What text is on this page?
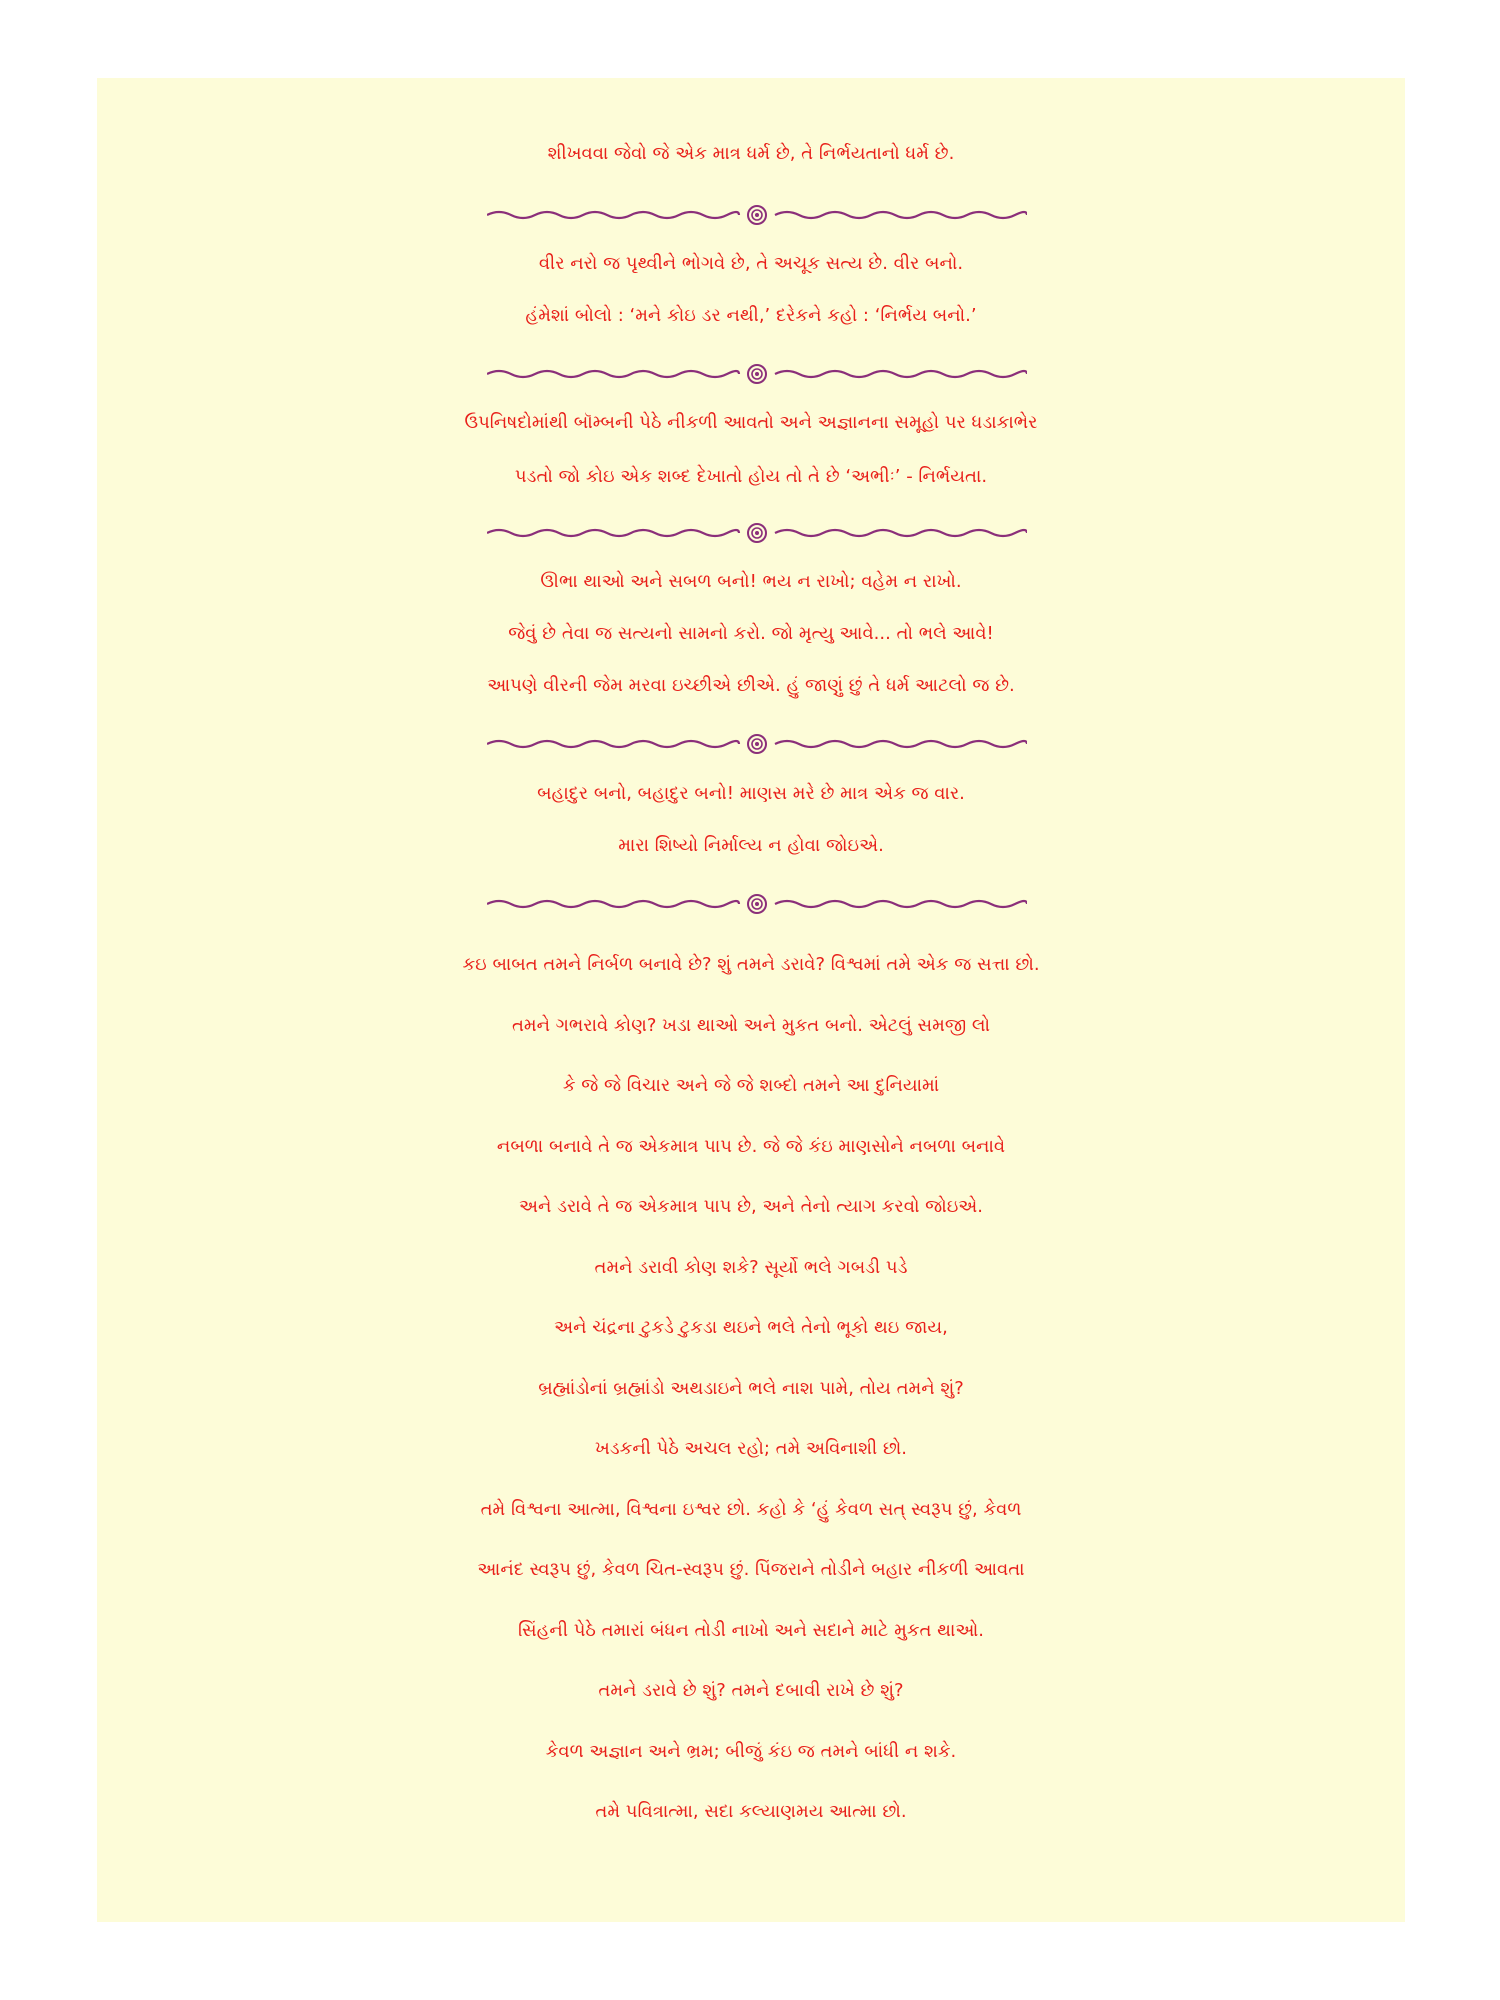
શીખવવા જેવો જે એક માત્ર ધર્મ છે, તે નિર્ભયતાનો ધર્મ છે.

વીર નરો જ પૃથ્વીને ભોગવે છે, તે અચૂક સત્ય છે. વીર બનો.

હંમેશાં બોલો : ‘મને કોઇ ડર નથી,’ દરેકને કહો : ‘નિર્ભય બનો.’

ઉપનિષદોમાંથી બૉમ્બની પેઠે નીકળી આવતો અને અજ્ઞાનના સમૂહો પર ધડાકાભેર

પડતો જો કોઇ એક શબ્દ દેખાતો હોય તો તે છે ‘અભીઃ’ - નિર્ભયતા.

ઊભા થાઓ અને સબળ બનો! ભય ન રાખો; વહેમ ન રાખો.

જેવું છે તેવા જ સત્યનો સામનો કરો. જો મૃત્યુ આવે... તો ભલે આવે!

આપણે વીરની જેમ મરવા ઇચ્છીએ છીએ. હું જાણું છું તે ધર્મ આટલો જ છે.

બહાદુર બનો, બહાદુર બનો! માણસ મરે છે માત્ર એક જ વાર.

મારા શિષ્યો નિર્માલ્ય ન હોવા જોઇએ.

કઇ બાબત તમને નિર્બળ બનાવે છે? શું તમને ડરાવે? વિશ્વમાં તમે એક જ સત્તા છો.

તમને ગભરાવે કોણ? ખડા થાઓ અને મુકત બનો. એટલું સમજી લો

કે જે જે વિચાર અને જે જે શબ્દો તમને આ દુનિયામાં

નબળા બનાવે તે જ એકમાત્ર પાપ છે. જે જે કંઇ માણસોને નબળા બનાવે

અને ડરાવે તે જ એકમાત્ર પાપ છે, અને તેનો ત્યાગ કરવો જોઇએ.

તમને ડરાવી કોણ શકે? સૂર્યો ભલે ગબડી પડે

અને ચંદ્રના ટુકડે ટુકડા થઇને ભલે તેનો ભૂકો થઇ જાય,

બ્રહ્માંડોનાં બ્રહ્માંડો અથડાઇને ભલે નાશ પામે, તોય તમને શું?

ખડકની પેઠે અચલ રહો; તમે અવિનાશી છો.

તમે વિશ્વના આત્મા, વિશ્વના ઇશ્વર છો. કહો કે ‘હું કેવળ સત્ સ્વરૂપ છું, કેવળ

આનંદ સ્વરૂપ છું, કેવળ ચિત-સ્વરૂપ છું. પિંજરાને તોડીને બહાર નીકળી આવતા

સિંહની પેઠે તમારાં બંધન તોડી નાખો અને સદાને માટે મુકત થાઓ.

તમને ડરાવે છે શું? તમને દબાવી રાખે છે શું?

કેવળ અજ્ઞાન અને ભ્રમ; બીજું કંઇ જ તમને બાંધી ન શકે.

તમે પવિત્રાત્મા, સદા કલ્યાણમય આત્મા છો.
